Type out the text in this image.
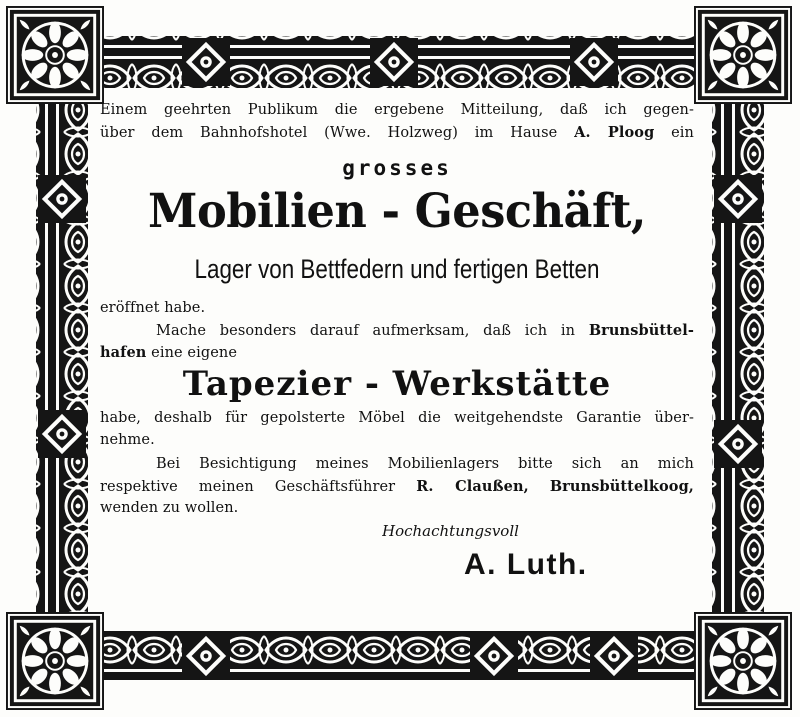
Einem geehrten Publikum die ergebene Mitteilung, daß ich gegen-
über dem Bahnhofshotel (Wwe. Holzweg) im Hause A. Ploog ein
grosses
Mobilien - Geschäft,
Lager von Bettfedern und fertigen Betten
eröffnet habe.
Mache besonders darauf aufmerksam, daß ich in Brunsbüttel-
hafen eine eigene
Tapezier - Werkstätte
habe, deshalb für gepolsterte Möbel die weitgehendste Garantie über-
nehme.
Bei Besichtigung meines Mobilienlagers bitte sich an mich
respektive meinen Geschäftsführer R. Claußen, Brunsbüttelkoog,
wenden zu wollen.
Hochachtungsvoll
A. Luth.
